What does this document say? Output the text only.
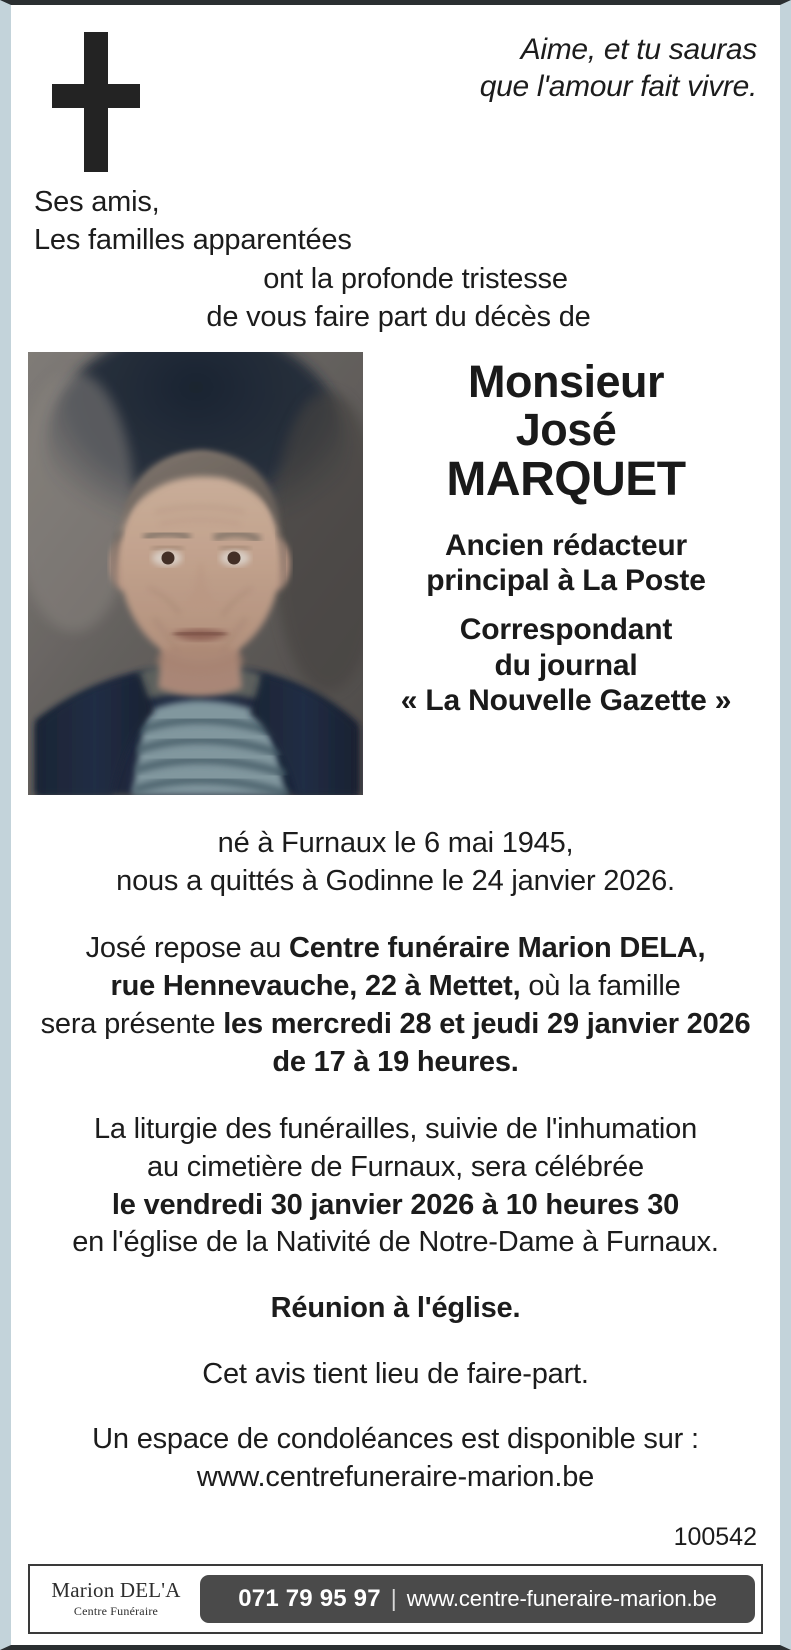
Aime, et tu sauras
que l'amour fait vivre.
Ses amis,
Les familles apparentées
ont la profonde tristesse
de vous faire part du décès de
Monsieur
José
MARQUET
Ancien rédacteur
principal à La Poste
Correspondant
du journal
« La Nouvelle Gazette »
né à Furnaux le 6 mai 1945,
nous a quittés à Godinne le 24 janvier 2026.
José repose au Centre funéraire Marion DELA,
rue Hennevauche, 22 à Mettet, où la famille
sera présente les mercredi 28 et jeudi 29 janvier 2026
de 17 à 19 heures.
La liturgie des funérailles, suivie de l'inhumation
au cimetière de Furnaux, sera célébrée
le vendredi 30 janvier 2026 à 10 heures 30
en l'église de la Nativité de Notre-Dame à Furnaux.
Réunion à l'église.
Cet avis tient lieu de faire-part.
Un espace de condoléances est disponible sur :
www.centrefuneraire-marion.be
100542
Marion DEL'A
Centre Funéraire	071 79 95 97 | www.centre-funeraire-marion.be
